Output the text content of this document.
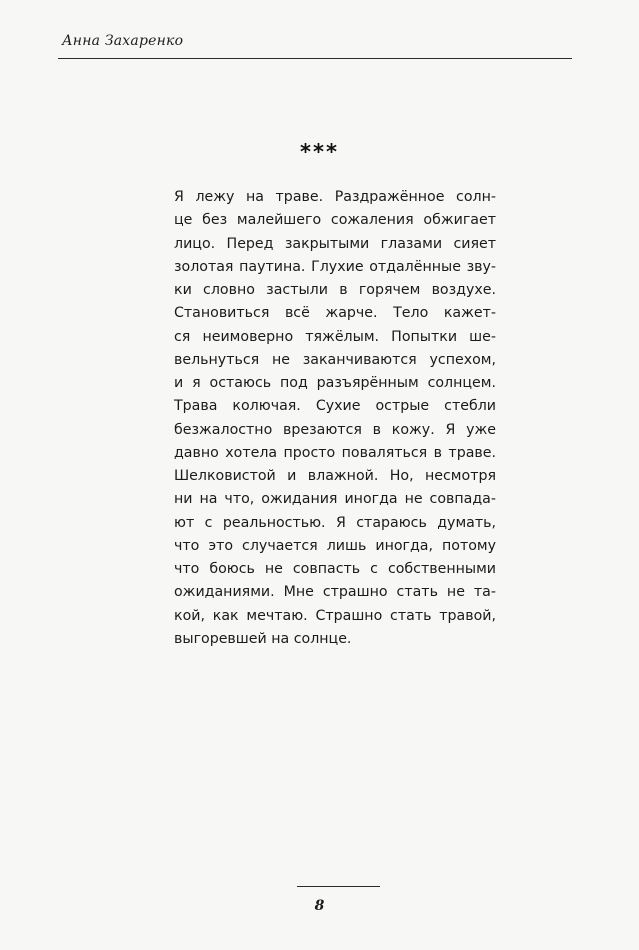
Анна Захаренко
***
Я лежу на траве. Раздражённое солн-
це без малейшего сожаления обжигает
лицо. Перед закрытыми глазами сияет
золотая паутина. Глухие отдалённые зву-
ки словно застыли в горячем воздухе.
Становиться всё жарче. Тело кажет-
ся неимоверно тяжёлым. Попытки ше-
вельнуться не заканчиваются успехом,
и я остаюсь под разъярённым солнцем.
Трава колючая. Сухие острые стебли
безжалостно врезаются в кожу. Я уже
давно хотела просто поваляться в траве.
Шелковистой и влажной. Но, несмотря
ни на что, ожидания иногда не совпада-
ют с реальностью. Я стараюсь думать,
что это случается лишь иногда, потому
что боюсь не совпасть с собственными
ожиданиями. Мне страшно стать не та-
кой, как мечтаю. Страшно стать травой,
выгоревшей на солнце.
8
